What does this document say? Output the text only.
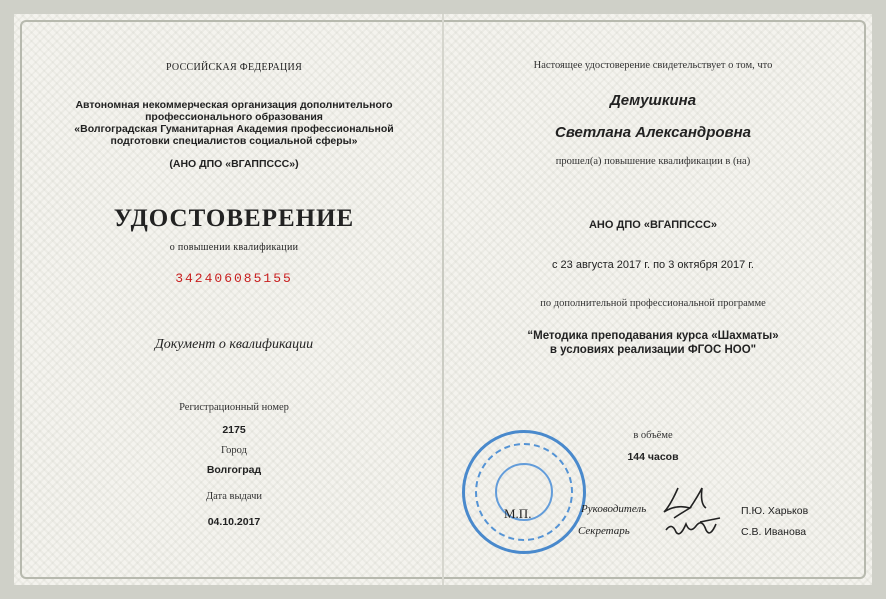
РОССИЙСКАЯ ФЕДЕРАЦИЯ
Автономная некоммерческая организация дополнительного
профессионального образования
«Волгоградская Гуманитарная Академия профессиональной
подготовки специалистов социальной сферы»
(АНО ДПО «ВГАППССС»)
УДОСТОВЕРЕНИЕ
о повышении квалификации
342406085155
Документ о квалификации
Регистрационный номер
2175
Город
Волгоград
Дата выдачи
04.10.2017
Настоящее удостоверение свидетельствует о том, что
Демушкина
Светлана Александровна
прошел(а) повышение квалификации в (на)
АНО ДПО «ВГАППССС»
с 23 августа 2017 г. по 3 октября 2017 г.
по дополнительной профессиональной программе
“Методика преподавания курса «Шахматы»
в условиях реализации ФГОС НОО"
в объёме
144 часов
М.П.	Руководитель
Секретарь
П.Ю. Харьков
С.В. Иванова
